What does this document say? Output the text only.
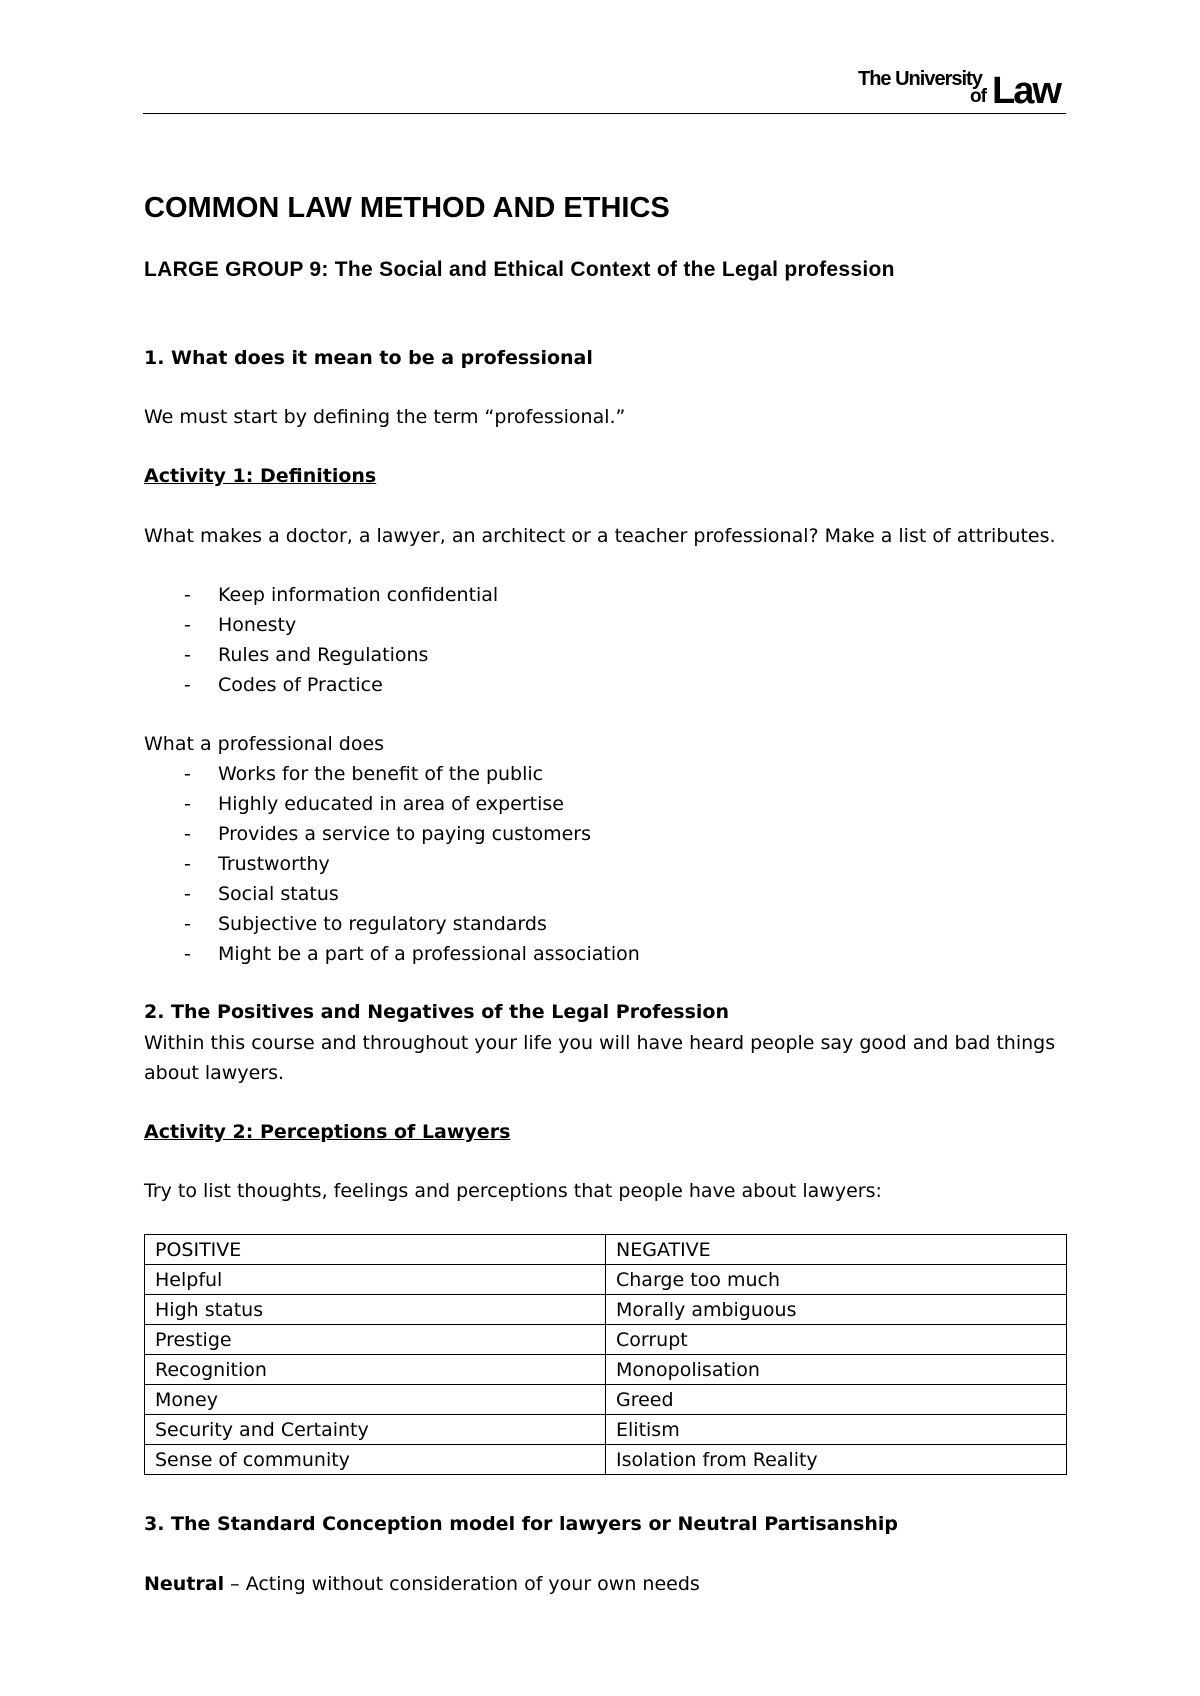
The University
of Law
COMMON LAW METHOD AND ETHICS
LARGE GROUP 9: The Social and Ethical Context of the Legal profession
1. What does it mean to be a professional
We must start by defining the term “professional.”
Activity 1: Definitions
What makes a doctor, a lawyer, an architect or a teacher professional? Make a list of attributes.
- Keep information confidential
- Honesty
- Rules and Regulations
- Codes of Practice
What a professional does
- Works for the benefit of the public
- Highly educated in area of expertise
- Provides a service to paying customers
- Trustworthy
- Social status
- Subjective to regulatory standards
- Might be a part of a professional association
2. The Positives and Negatives of the Legal Profession
Within this course and throughout your life you will have heard people say good and bad things about lawyers.
Activity 2: Perceptions of Lawyers
Try to list thoughts, feelings and perceptions that people have about lawyers:
POSITIVE	NEGATIVE
Helpful	Charge too much
High status	Morally ambiguous
Prestige	Corrupt
Recognition	Monopolisation
Money	Greed
Security and Certainty	Elitism
Sense of community	Isolation from Reality
3. The Standard Conception model for lawyers or Neutral Partisanship
Neutral – Acting without consideration of your own needs
